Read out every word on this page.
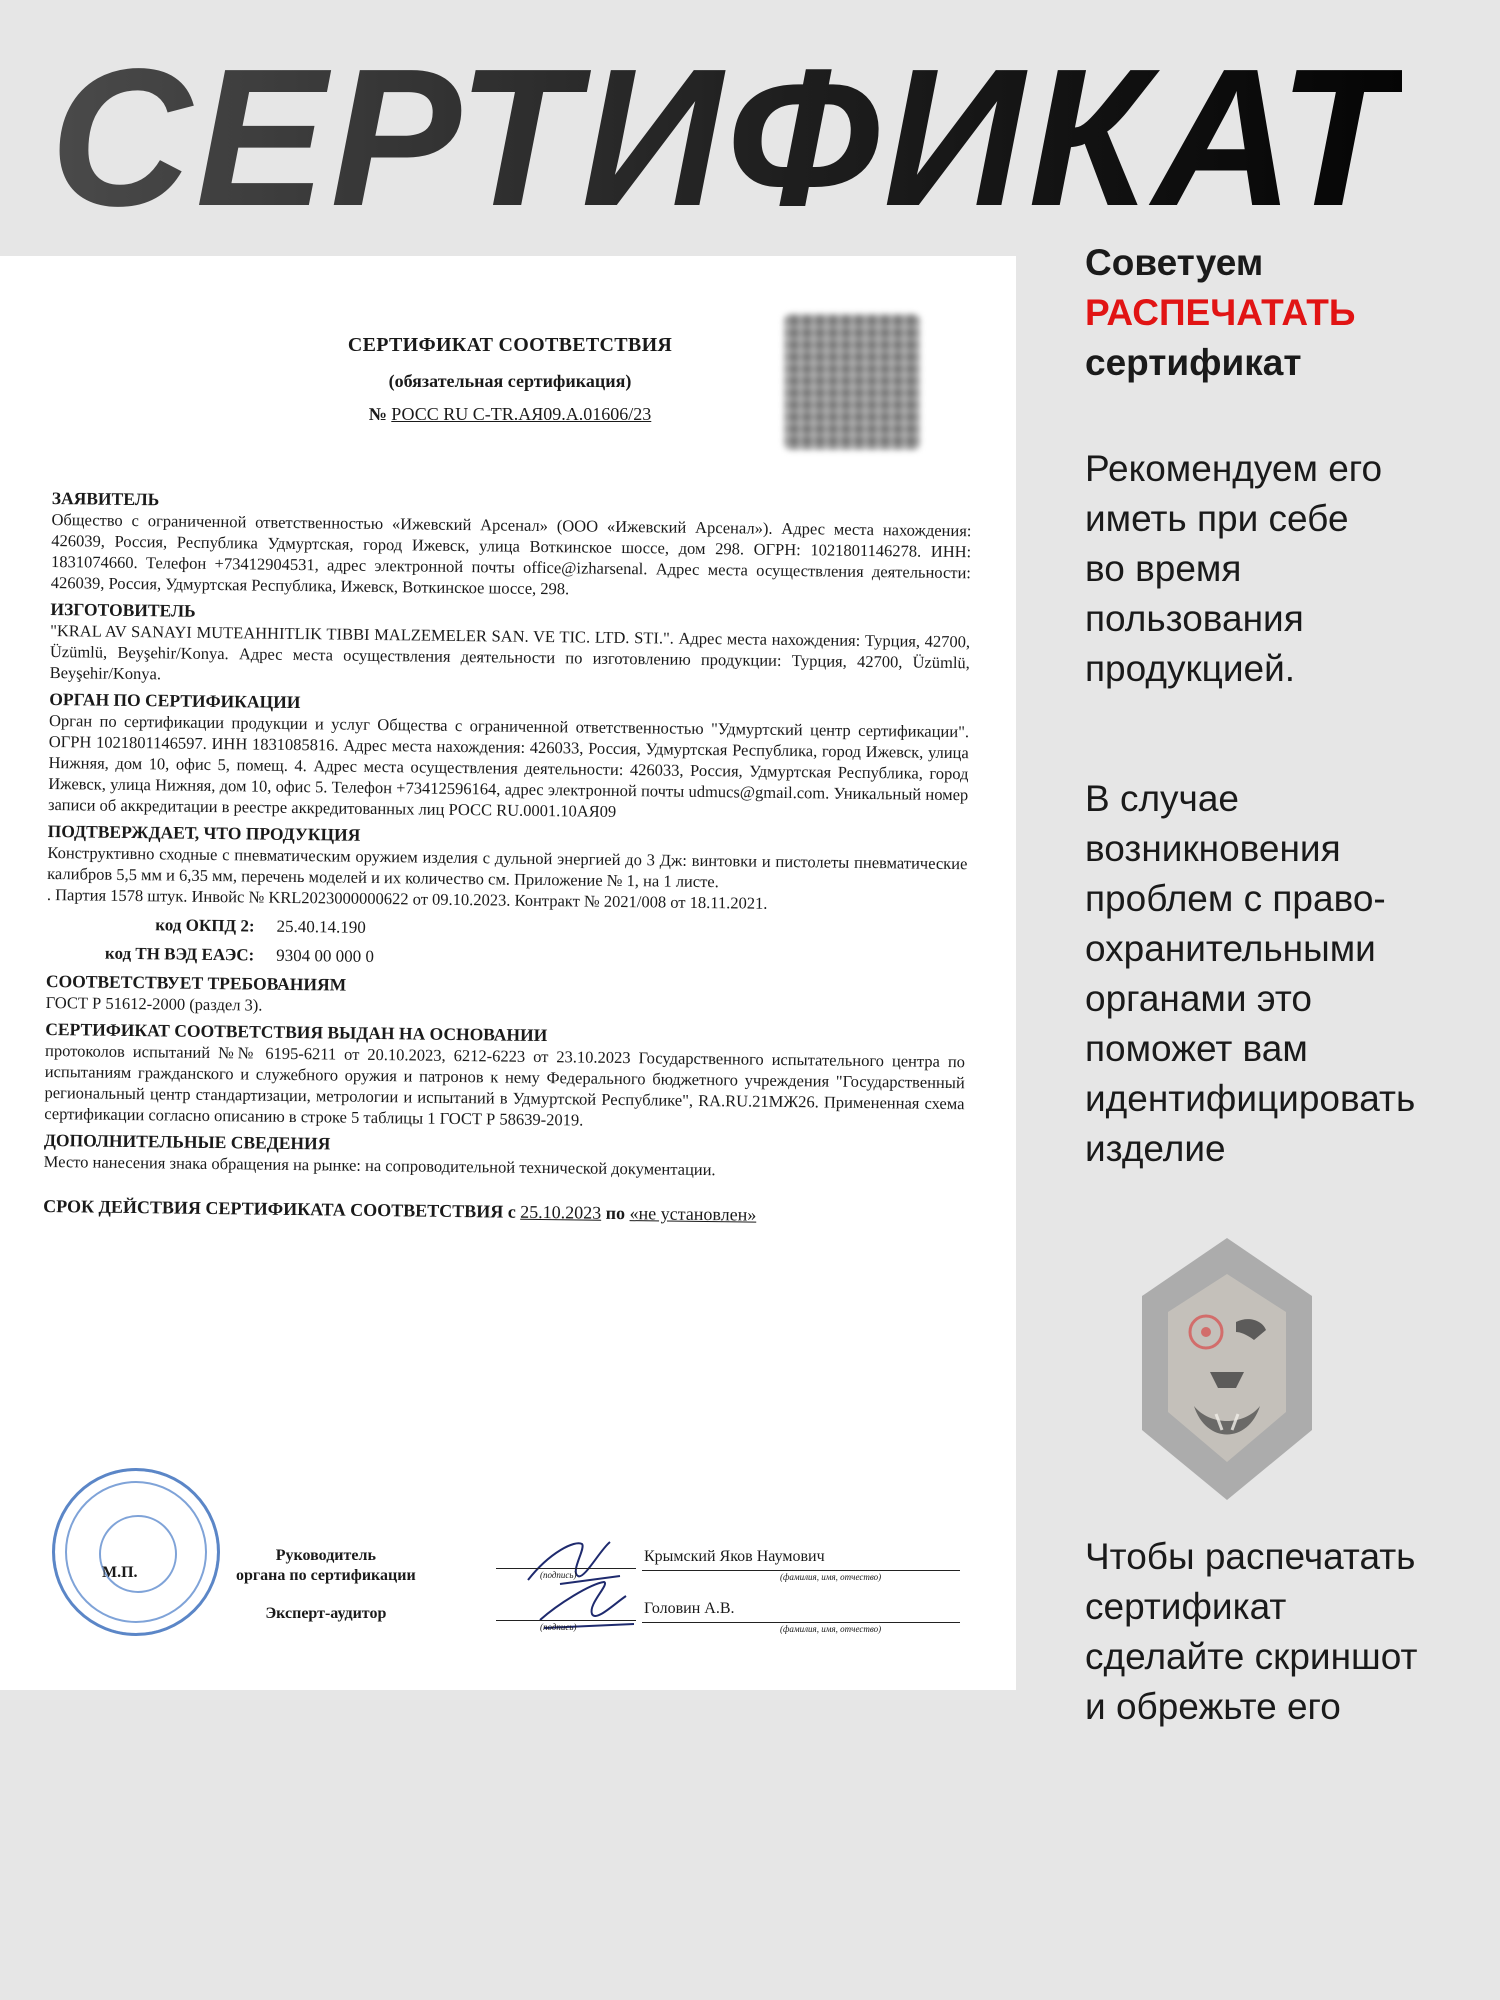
СЕРТИФИКАТ
СЕРТИФИКАТ СООТВЕТСТВИЯ
(обязательная сертификация)
№ РОСС RU С-TR.АЯ09.А.01606/23
ЗАЯВИТЕЛЬ
Общество с ограниченной ответственностью «Ижевский Арсенал» (ООО «Ижевский Арсенал»). Адрес места нахождения: 426039, Россия, Республика Удмуртская, город Ижевск, улица Воткинское шоссе, дом 298. ОГРН: 1021801146278. ИНН: 1831074660. Телефон +73412904531, адрес электронной почты office@izharsenal. Адрес места осуществления деятельности: 426039, Россия, Удмуртская Республика, Ижевск, Воткинское шоссе, 298.
ИЗГОТОВИТЕЛЬ
"KRAL AV SANAYI MUTEAHHITLIK TIBBI MALZEMELER SAN. VE TIC. LTD. STI.". Адрес места нахождения: Турция, 42700, Üzümlü, Beyşehir/Konya. Адрес места осуществления деятельности по изготовлению продукции: Турция, 42700, Üzümlü, Beyşehir/Konya.
ОРГАН ПО СЕРТИФИКАЦИИ
Орган по сертификации продукции и услуг Общества с ограниченной ответственностью "Удмуртский центр сертификации". ОГРН 1021801146597. ИНН 1831085816. Адрес места нахождения: 426033, Россия, Удмуртская Республика, город Ижевск, улица Нижняя, дом 10, офис 5, помещ. 4. Адрес места осуществления деятельности: 426033, Россия, Удмуртская Республика, город Ижевск, улица Нижняя, дом 10, офис 5. Телефон +73412596164, адрес электронной почты udmucs@gmail.com. Уникальный номер записи об аккредитации в реестре аккредитованных лиц РОСС RU.0001.10АЯ09
ПОДТВЕРЖДАЕТ, ЧТО ПРОДУКЦИЯ
Конструктивно сходные с пневматическим оружием изделия с дульной энергией до 3 Дж: винтовки и пистолеты пневматические калибров 5,5 мм и 6,35 мм, перечень моделей и их количество см. Приложение № 1, на 1 листе.
. Партия 1578 штук. Инвойс № KRL2023000000622 от 09.10.2023. Контракт № 2021/008 от 18.11.2021.
код ОКПД 2:	25.40.14.190
код ТН ВЭД ЕАЭС:	9304 00 000 0
СООТВЕТСТВУЕТ ТРЕБОВАНИЯМ
ГОСТ Р 51612-2000 (раздел 3).
СЕРТИФИКАТ СООТВЕТСТВИЯ ВЫДАН НА ОСНОВАНИИ
протоколов испытаний №№ 6195-6211 от 20.10.2023, 6212-6223 от 23.10.2023 Государственного испытательного центра по испытаниям гражданского и служебного оружия и патронов к нему Федерального бюджетного учреждения "Государственный региональный центр стандартизации, метрологии и испытаний в Удмуртской Республике", RA.RU.21МЖ26. Примененная схема сертификации согласно описанию в строке 5 таблицы 1 ГОСТ Р 58639-2019.
ДОПОЛНИТЕЛЬНЫЕ СВЕДЕНИЯ
Место нанесения знака обращения на рынке: на сопроводительной технической документации.
СРОК ДЕЙСТВИЯ СЕРТИФИКАТА СООТВЕТСТВИЯ с 25.10.2023 по «не установлен»
М.П.
Руководитель
органа по сертификации
Эксперт-аудитор
(подпись)
Крымский Яков Наумович
(фамилия, имя, отчество)
(подпись)
Головин А.В.
(фамилия, имя, отчество)
Советуем
РАСПЕЧАТАТЬ
сертификат
Рекомендуем его
иметь при себе
во время
пользования
продукцией.
В случае
возникновения
проблем с право-
охранительными
органами это
поможет вам
идентифицировать
изделие
Чтобы распечатать
сертификат
сделайте скриншот
и обрежьте его
